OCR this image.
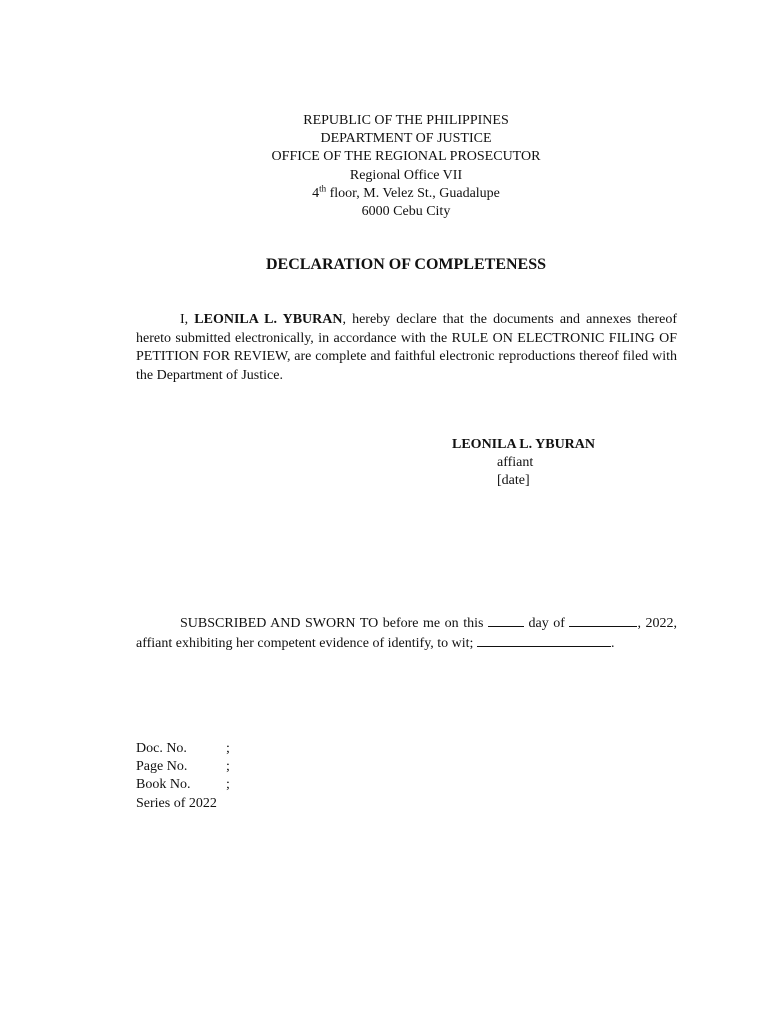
REPUBLIC OF THE PHILIPPINES
DEPARTMENT OF JUSTICE
OFFICE OF THE REGIONAL PROSECUTOR
Regional Office VII
4th floor, M. Velez St., Guadalupe
6000 Cebu City
DECLARATION OF COMPLETENESS
I, LEONILA L. YBURAN, hereby declare that the documents and annexes thereof hereto submitted electronically, in accordance with the RULE ON ELECTRONIC FILING OF PETITION FOR REVIEW, are complete and faithful electronic reproductions thereof filed with the Department of Justice.
LEONILA L. YBURAN
affiant
[date]
SUBSCRIBED AND SWORN TO before me on this	day of	, 2022, affiant exhibiting her competent evidence of identify, to wit;	.
Doc. No.	;
Page No.	;
Book No.	;
Series of 2022
